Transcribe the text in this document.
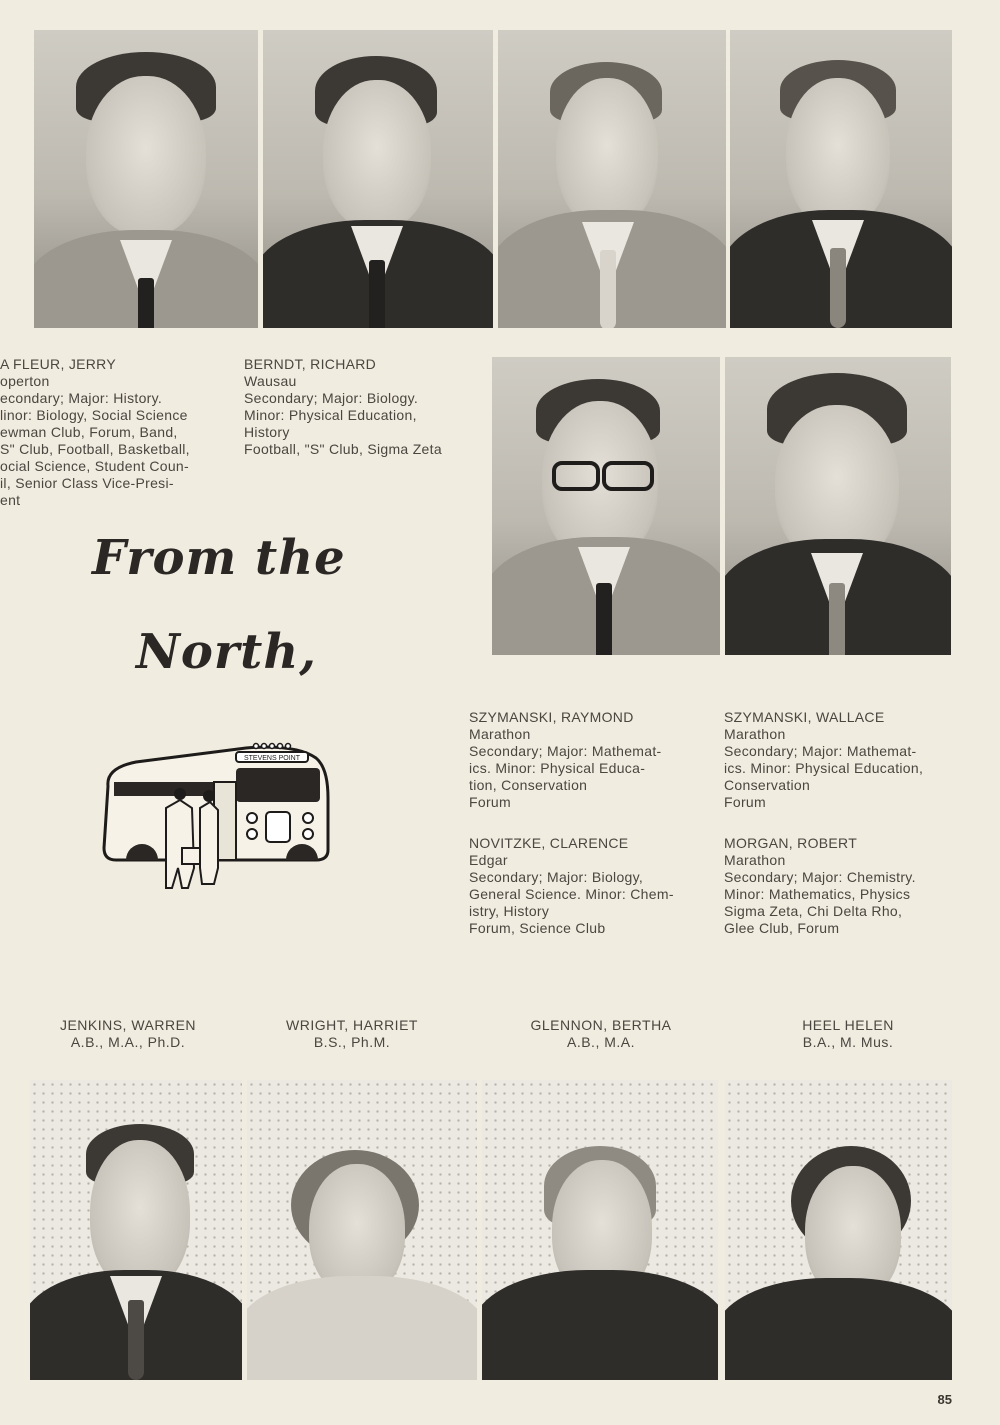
A FLEUR, JERRY
operton
econdary; Major: History.
linor: Biology, Social Science
ewman Club, Forum, Band,
S" Club, Football, Basketball,
ocial Science, Student Coun-
il, Senior Class Vice-Presi-
ent
BERNDT, RICHARD
Wausau
Secondary; Major: Biology.
Minor: Physical Education,
History
Football, "S" Club, Sigma Zeta
From the
North,
STEVENS POINT
SZYMANSKI, RAYMOND
Marathon
Secondary; Major: Mathemat-
ics. Minor: Physical Educa-
tion, Conservation
Forum
SZYMANSKI, WALLACE
Marathon
Secondary; Major: Mathemat-
ics. Minor: Physical Education,
Conservation
Forum
NOVITZKE, CLARENCE
Edgar
Secondary; Major: Biology,
General Science. Minor: Chem-
istry, History
Forum, Science Club
MORGAN, ROBERT
Marathon
Secondary; Major: Chemistry.
Minor: Mathematics, Physics
Sigma Zeta, Chi Delta Rho,
Glee Club, Forum
JENKINS, WARREN
A.B., M.A., Ph.D.
WRIGHT, HARRIET
B.S., Ph.M.
GLENNON, BERTHA
A.B., M.A.
HEEL HELEN
B.A., M. Mus.
85
